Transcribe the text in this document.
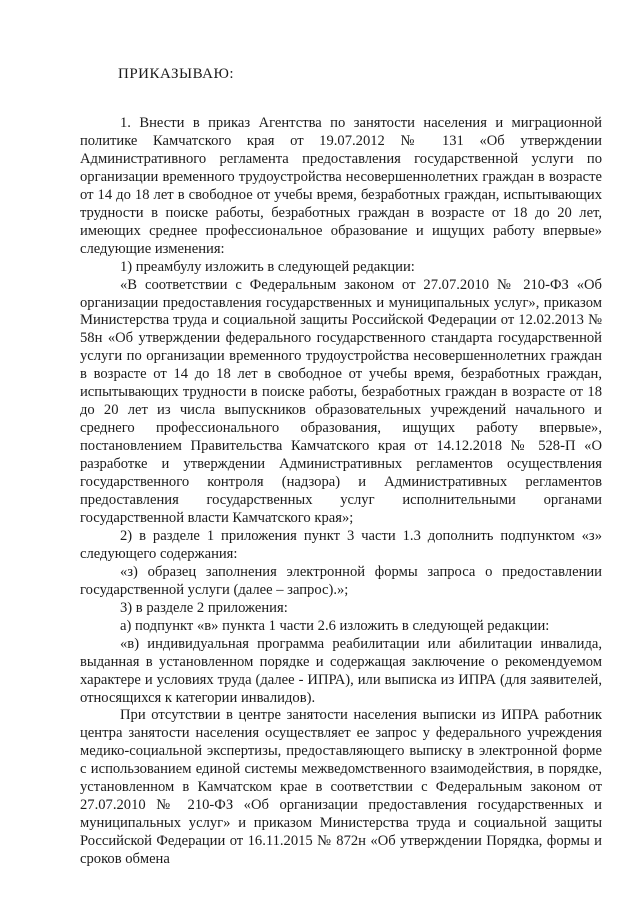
ПРИКАЗЫВАЮ:

1. Внести в приказ Агентства по занятости населения и миграционной политике Камчатского края от 19.07.2012 № 131 «Об утверждении Административного регламента предоставления государственной услуги по организации временного трудоустройства несовершеннолетних граждан в возрасте от 14 до 18 лет в свободное от учебы время, безработных граждан, испытывающих трудности в поиске работы, безработных граждан в возрасте от 18 до 20 лет, имеющих среднее профессиональное образование и ищущих работу впервые» следующие изменения:

1) преамбулу изложить в следующей редакции:

«В соответствии с Федеральным законом от 27.07.2010 № 210-ФЗ «Об организации предоставления государственных и муниципальных услуг», приказом Министерства труда и социальной защиты Российской Федерации от 12.02.2013 № 58н «Об утверждении федерального государственного стандарта государственной услуги по организации временного трудоустройства несовершеннолетних граждан в возрасте от 14 до 18 лет в свободное от учебы время, безработных граждан, испытывающих трудности в поиске работы, безработных граждан в возрасте от 18 до 20 лет из числа выпускников образовательных учреждений начального и среднего профессионального образования, ищущих работу впервые», постановлением Правительства Камчатского края от 14.12.2018 № 528-П «О разработке и утверждении Административных регламентов осуществления государственного контроля (надзора) и Административных регламентов предоставления государственных услуг исполнительными органами государственной власти Камчатского края»;

2) в разделе 1 приложения пункт 3 части 1.3 дополнить подпунктом «з» следующего содержания:

«з) образец заполнения электронной формы запроса о предоставлении государственной услуги (далее – запрос).»;

3) в разделе 2 приложения:

а) подпункт «в» пункта 1 части 2.6 изложить в следующей редакции:

«в) индивидуальная программа реабилитации или абилитации инвалида, выданная в установленном порядке и содержащая заключение о рекомендуемом характере и условиях труда (далее - ИПРА), или выписка из ИПРА (для заявителей, относящихся к категории инвалидов).

При отсутствии в центре занятости населения выписки из ИПРА работник центра занятости населения осуществляет ее запрос у федерального учреждения медико-социальной экспертизы, предоставляющего выписку в электронной форме с использованием единой системы межведомственного взаимодействия, в порядке, установленном в Камчатском крае в соответствии с Федеральным законом от 27.07.2010 № 210-ФЗ «Об организации предоставления государственных и муниципальных услуг» и приказом Министерства труда и социальной защиты Российской Федерации от 16.11.2015 № 872н «Об утверждении Порядка, формы и сроков обмена
